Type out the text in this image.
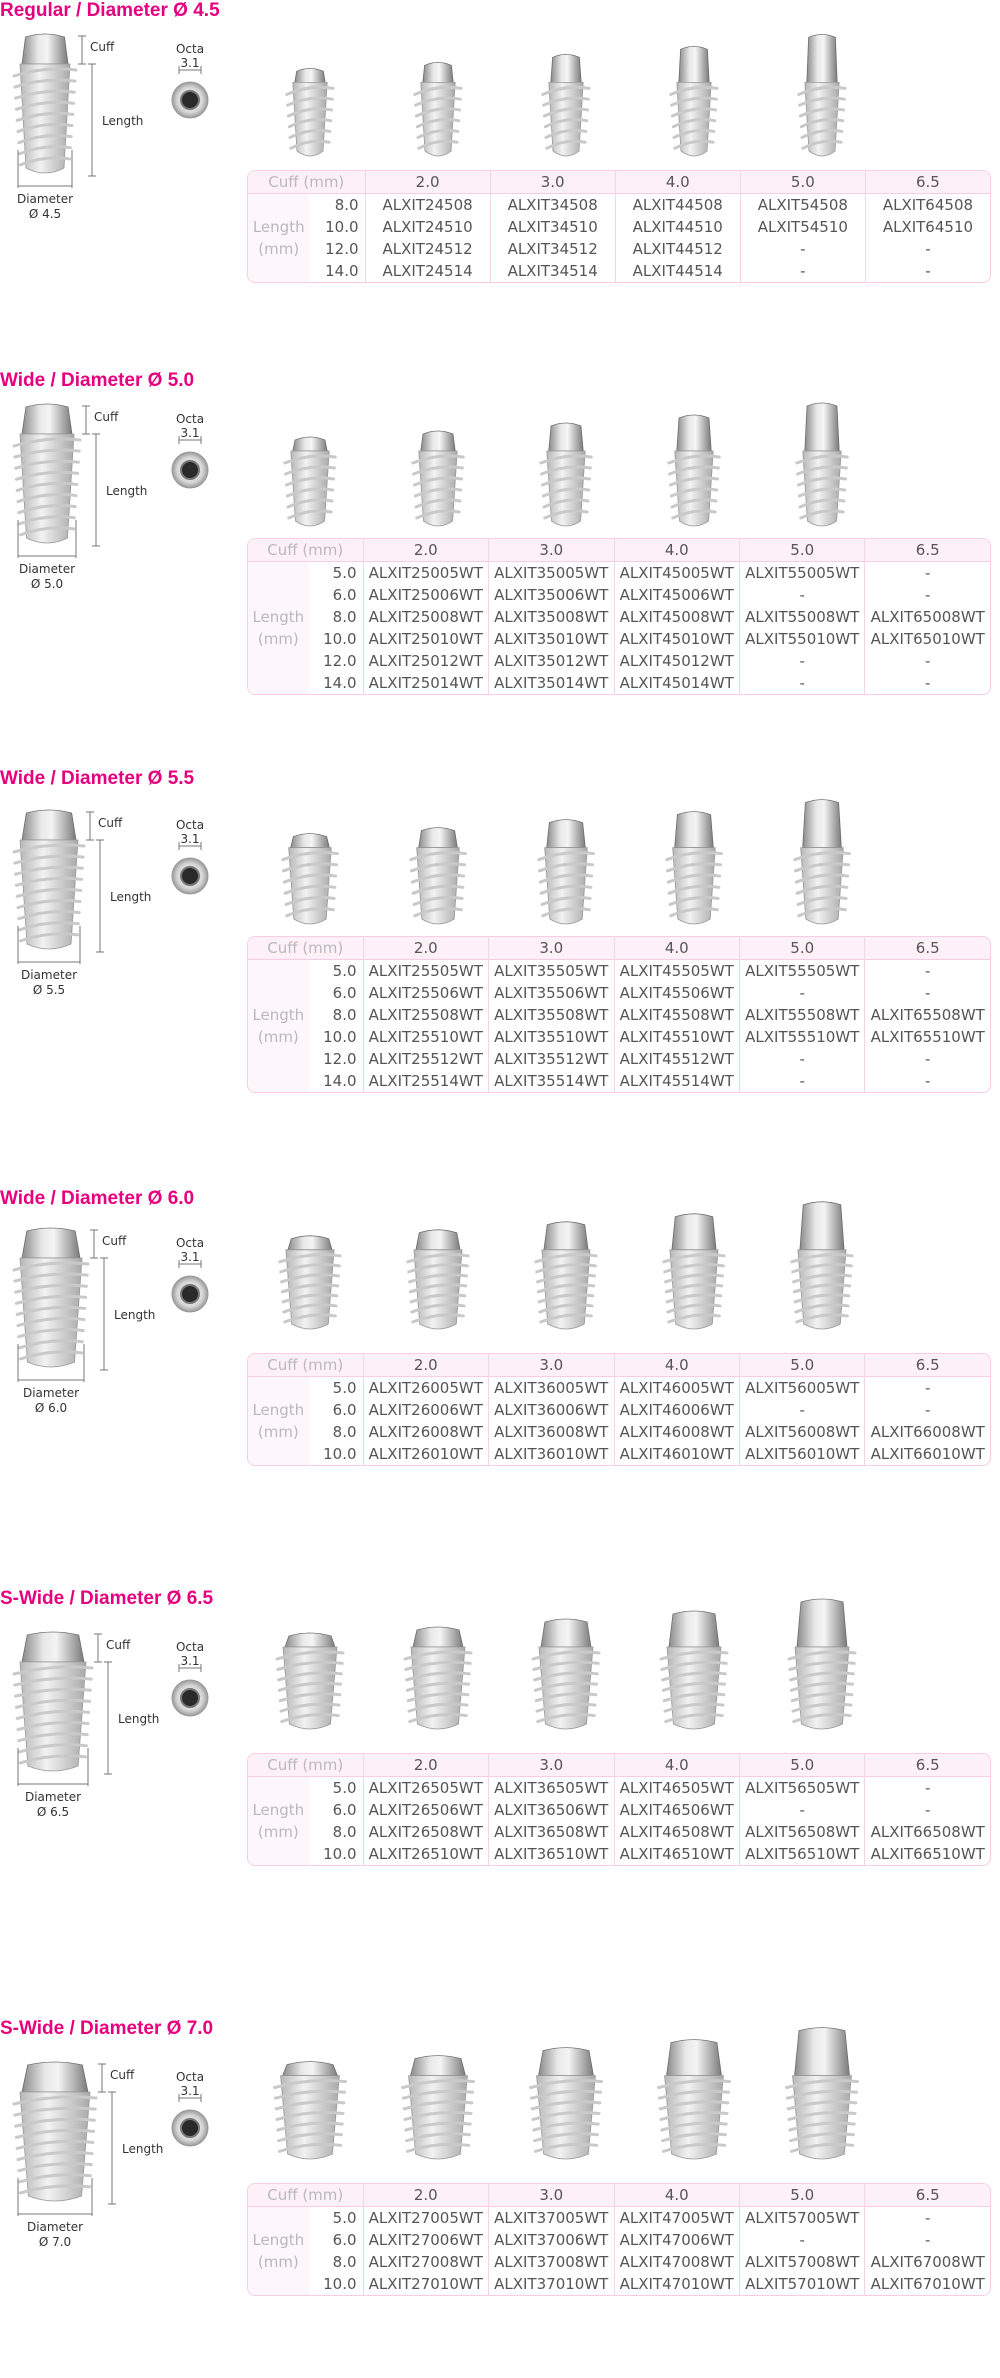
Regular / Diameter Ø 4.5
Cuff
Length
Octa
3.1
Diameter
Ø 4.5
Cuff (mm)		2.0	3.0	4.0	5.0	6.5

Length
(mm)	8.0	ALXIT24508	ALXIT34508	ALXIT44508	ALXIT54508	ALXIT64508
	10.0	ALXIT24510	ALXIT34510	ALXIT44510	ALXIT54510	ALXIT64510
	12.0	ALXIT24512	ALXIT34512	ALXIT44512	-	-
	14.0	ALXIT24514	ALXIT34514	ALXIT44514	-	-
Wide / Diameter Ø 5.0
Cuff
Length
Octa
3.1
Diameter
Ø 5.0
Cuff (mm)		2.0	3.0	4.0	5.0	6.5

Length
(mm)	5.0	ALXIT25005WT	ALXIT35005WT	ALXIT45005WT	ALXIT55005WT	-
	6.0	ALXIT25006WT	ALXIT35006WT	ALXIT45006WT	-	-
	8.0	ALXIT25008WT	ALXIT35008WT	ALXIT45008WT	ALXIT55008WT	ALXIT65008WT
	10.0	ALXIT25010WT	ALXIT35010WT	ALXIT45010WT	ALXIT55010WT	ALXIT65010WT
	12.0	ALXIT25012WT	ALXIT35012WT	ALXIT45012WT	-	-
	14.0	ALXIT25014WT	ALXIT35014WT	ALXIT45014WT	-	-
Wide / Diameter Ø 5.5
Cuff
Length
Octa
3.1
Diameter
Ø 5.5
Cuff (mm)		2.0	3.0	4.0	5.0	6.5

Length
(mm)	5.0	ALXIT25505WT	ALXIT35505WT	ALXIT45505WT	ALXIT55505WT	-
	6.0	ALXIT25506WT	ALXIT35506WT	ALXIT45506WT	-	-
	8.0	ALXIT25508WT	ALXIT35508WT	ALXIT45508WT	ALXIT55508WT	ALXIT65508WT
	10.0	ALXIT25510WT	ALXIT35510WT	ALXIT45510WT	ALXIT55510WT	ALXIT65510WT
	12.0	ALXIT25512WT	ALXIT35512WT	ALXIT45512WT	-	-
	14.0	ALXIT25514WT	ALXIT35514WT	ALXIT45514WT	-	-
Wide / Diameter Ø 6.0
Cuff
Length
Octa
3.1
Diameter
Ø 6.0
Cuff (mm)		2.0	3.0	4.0	5.0	6.5

Length
(mm)	5.0	ALXIT26005WT	ALXIT36005WT	ALXIT46005WT	ALXIT56005WT	-
	6.0	ALXIT26006WT	ALXIT36006WT	ALXIT46006WT	-	-
	8.0	ALXIT26008WT	ALXIT36008WT	ALXIT46008WT	ALXIT56008WT	ALXIT66008WT
	10.0	ALXIT26010WT	ALXIT36010WT	ALXIT46010WT	ALXIT56010WT	ALXIT66010WT
S-Wide / Diameter Ø 6.5
Cuff
Length
Octa
3.1
Diameter
Ø 6.5
Cuff (mm)		2.0	3.0	4.0	5.0	6.5

Length
(mm)	5.0	ALXIT26505WT	ALXIT36505WT	ALXIT46505WT	ALXIT56505WT	-
	6.0	ALXIT26506WT	ALXIT36506WT	ALXIT46506WT	-	-
	8.0	ALXIT26508WT	ALXIT36508WT	ALXIT46508WT	ALXIT56508WT	ALXIT66508WT
	10.0	ALXIT26510WT	ALXIT36510WT	ALXIT46510WT	ALXIT56510WT	ALXIT66510WT
S-Wide / Diameter Ø 7.0
Cuff
Length
Octa
3.1
Diameter
Ø 7.0
Cuff (mm)		2.0	3.0	4.0	5.0	6.5

Length
(mm)	5.0	ALXIT27005WT	ALXIT37005WT	ALXIT47005WT	ALXIT57005WT	-
	6.0	ALXIT27006WT	ALXIT37006WT	ALXIT47006WT	-	-
	8.0	ALXIT27008WT	ALXIT37008WT	ALXIT47008WT	ALXIT57008WT	ALXIT67008WT
	10.0	ALXIT27010WT	ALXIT37010WT	ALXIT47010WT	ALXIT57010WT	ALXIT67010WT
